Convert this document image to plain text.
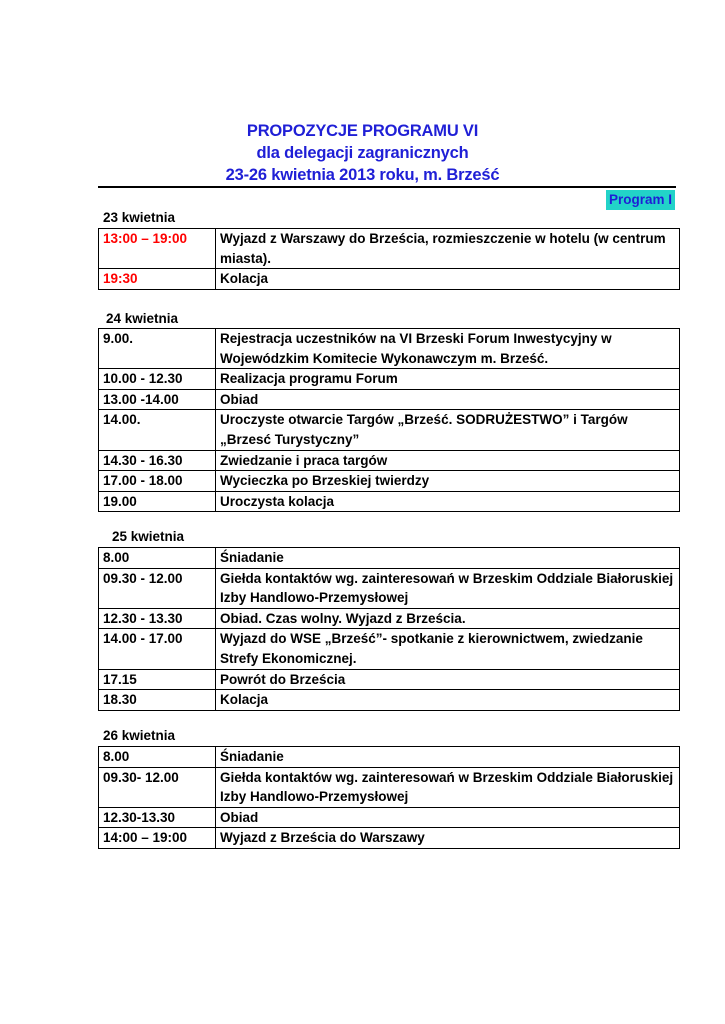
PROPOZYCJE PROGRAMU VI
dla delegacji zagranicznych
23-26 kwietnia 2013 roku, m. Brześć
Program I
23 kwietnia
13:00 – 19:00	Wyjazd z Warszawy do Brześcia, rozmieszczenie w hotelu (w centrum miasta).
19:30	Kolacja
24 kwietnia
9.00.	Rejestracja uczestników na VI Brzeski Forum Inwestycyjny w Wojewódzkim Komitecie Wykonawczym m. Brześć.
10.00 - 12.30	Realizacja programu Forum
13.00 -14.00	Obiad
14.00.	Uroczyste otwarcie Targów „Brześć. SODRUŻESTWO” i Targów „Brzesć Turystyczny”
14.30 - 16.30	Zwiedzanie i praca targów
17.00 - 18.00	Wycieczka po Brzeskiej twierdzy
19.00	Uroczysta kolacja
25 kwietnia
8.00	Śniadanie
09.30 - 12.00	Giełda kontaktów wg. zainteresowań w Brzeskim Oddziale Białoruskiej Izby Handlowo-Przemysłowej
12.30 - 13.30	Obiad. Czas wolny. Wyjazd z Brześcia.
14.00 - 17.00	Wyjazd do WSE „Brześć”- spotkanie z kierownictwem, zwiedzanie Strefy Ekonomicznej.
17.15	Powrót do Brześcia
18.30	Kolacja
26 kwietnia
8.00	Śniadanie
09.30- 12.00	Giełda kontaktów wg. zainteresowań w Brzeskim Oddziale Białoruskiej Izby Handlowo-Przemysłowej
12.30-13.30	Obiad
14:00 – 19:00	Wyjazd z Brześcia do Warszawy
